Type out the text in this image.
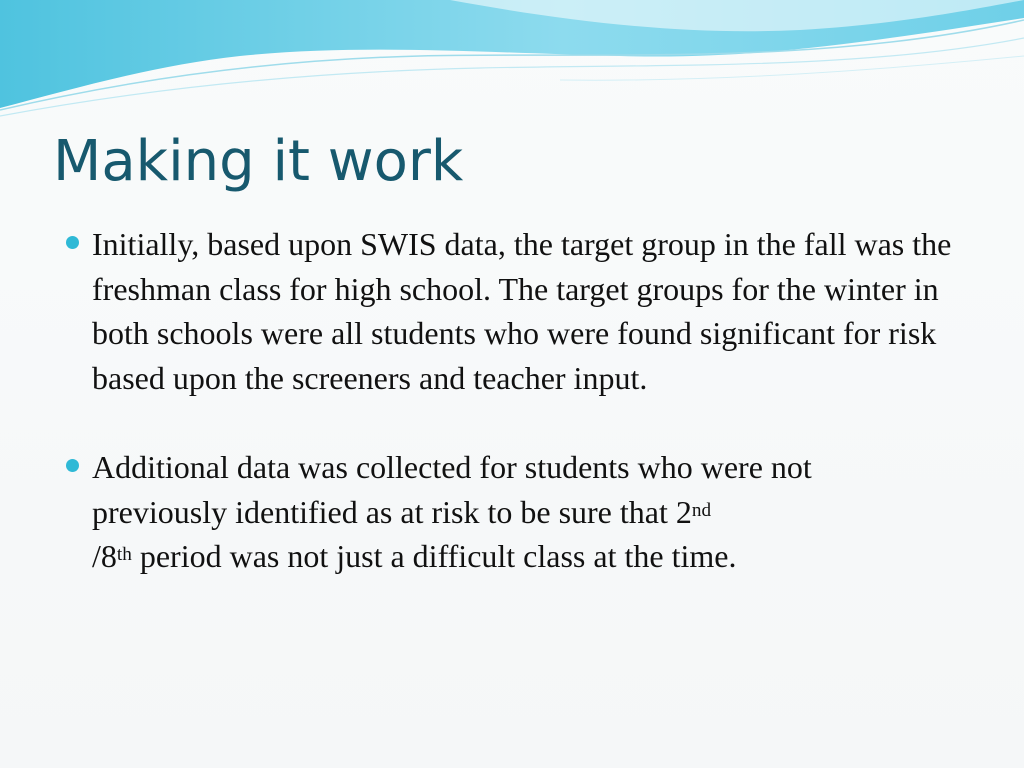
Making it work
Initially, based upon SWIS data, the target group in the fall was the freshman class for high school. The target groups for the winter in both schools were all students who were found significant for risk based upon the screeners and teacher input.
Additional data was collected for students who were not previously identified as at risk to be sure that 2nd
/8th period was not just a difficult class at the time.
